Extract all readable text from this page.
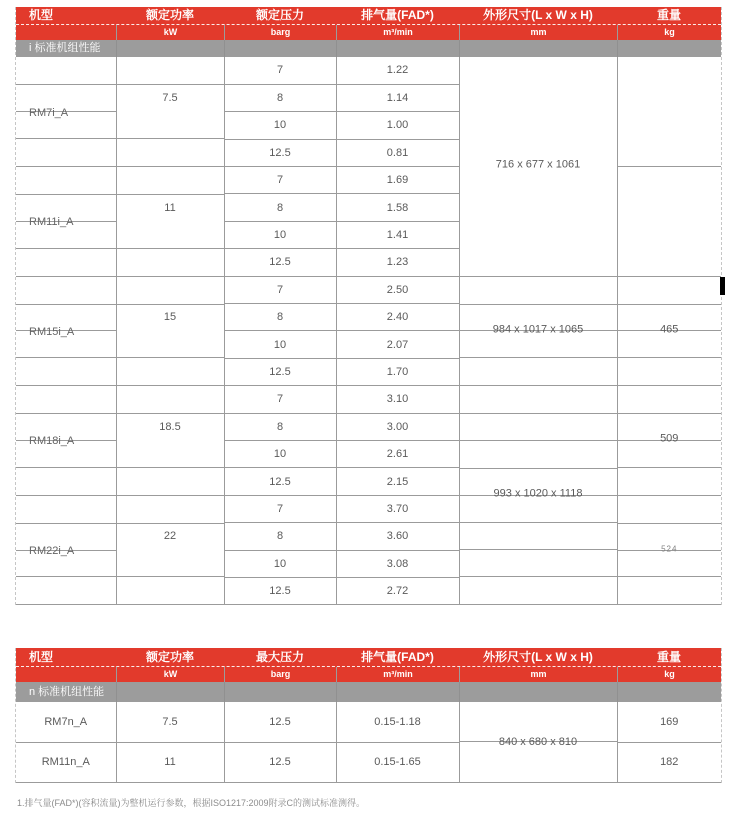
机型	额定功率	额定压力	排气量(FAD*)	外形尺寸(L x W x H)	重量
kW	barg	m³/min	mm	kg
i 标准机组性能
RM7i_A	7.5	7	1.22	716 x 677 x 1061	

		8	1.14		
		10	1.00		
		12.5	0.81		

RM11i_A	11	7	1.69		
		8	1.58		
		10	1.41		
		12.5	1.23		

RM15i_A	15	7	2.50	984 x 1017 x 1065	465

		8	2.40		
		10	2.07		
		12.5	1.70		

RM18i_A	18.5	7	3.10	993 x 1020 x 1118	509

		8	3.00		
		10	2.61		
		12.5	2.15		

RM22i_A	22	7	3.70		524

		8	3.60		
		10	3.08		
		12.5	2.72		
机型	额定功率	最大压力	排气量(FAD*)	外形尺寸(L x W x H)	重量
kW	barg	m³/min	mm	kg
n 标准机组性能
RM7n_A	7.5	12.5	0.15-1.18	840 x 680 x 810	169
RM11n_A	11	12.5	0.15-1.65		182
1.排气量(FAD*)(容积流量)为整机运行参数，根据ISO1217:2009附录C的测试标准测得。
